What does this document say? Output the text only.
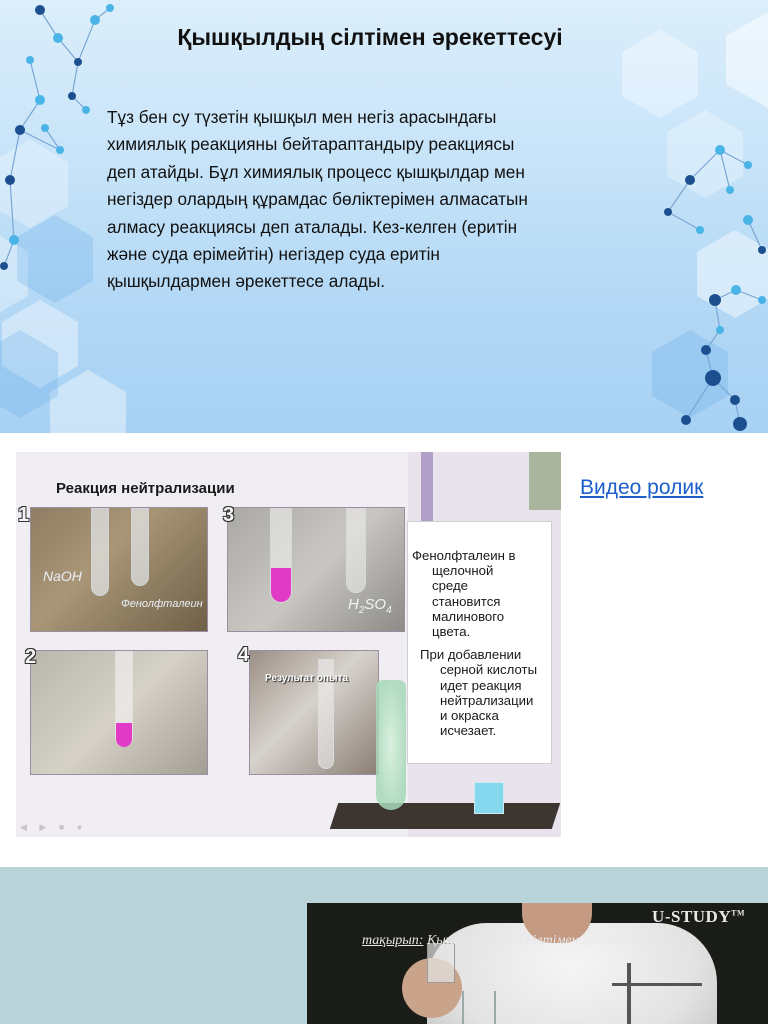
Қышқылдың сілтімен әрекеттесуі
Тұз бен су түзетін қышқыл мен негіз арасындағы
химиялық реакцияны бейтараптандыру реакциясы
деп атайды. Бұл химиялық процесс қышқылдар мен
негіздер олардың құрамдас бөліктерімен алмасатын
алмасу реакциясы деп аталады. Кез-келген (еритін
және суда ерімейтін) негіздер суда еритін
қышқылдармен әрекеттесе алады.
Реакция нейтрализации
NaOH
Фенолфталеин
1
$H_2SO_4$
3
2
Результат опыта
4

Фенолфталеин в
щелочной
среде
становится
малинового
цвета.

При добавлении
серной кислоты
идет реакция
нейтрализации
и окраска
исчезает.

◀ ▶ ■ ●
Видео ролик
U-STUDY™
тақырып: Қышқылдардың сілтімен әрекеттесуі.
